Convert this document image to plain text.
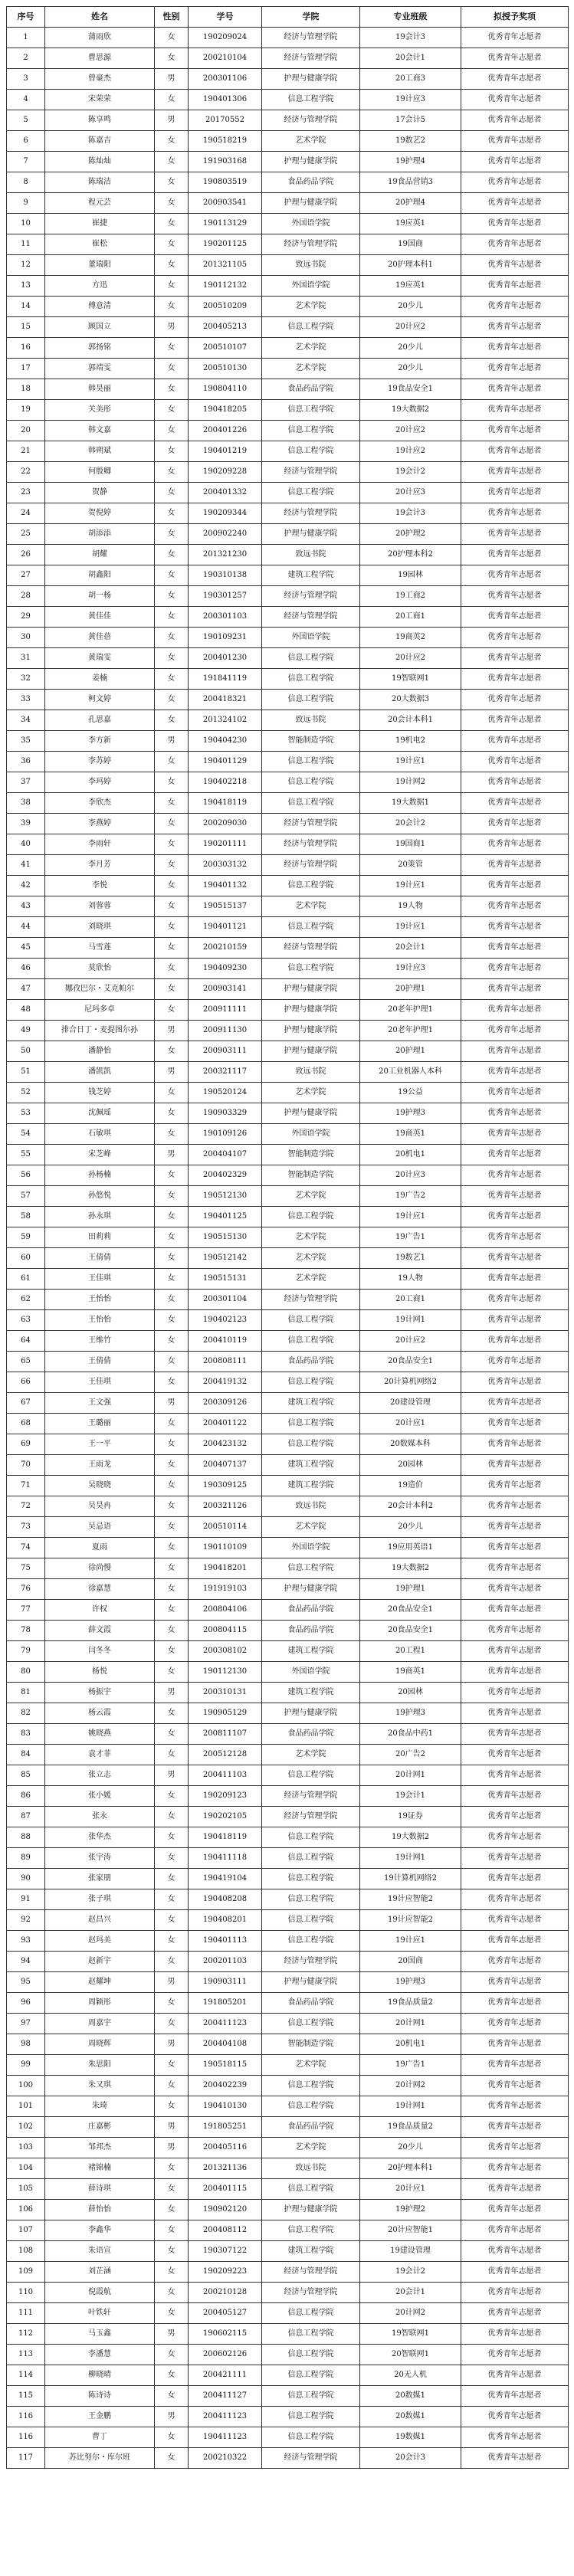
序号	姓名	性别	学号	学院	专业班级	拟授予奖项
1	蒲雨欣	女	190209024	经济与管理学院	19会计3	优秀青年志愿者
2	曹思源	女	200210104	经济与管理学院	20会计1	优秀青年志愿者
3	曾豪杰	男	200301106	护理与健康学院	20工商3	优秀青年志愿者
4	宋荣荣	女	190401306	信息工程学院	19计应3	优秀青年志愿者
5	陈享鸣	男	20170552	经济与管理学院	17会计5	优秀青年志愿者
6	陈嘉吉	女	190518219	艺术学院	19数艺2	优秀青年志愿者
7	陈灿灿	女	191903168	护理与健康学院	19护理4	优秀青年志愿者
8	陈瑞洁	女	190803519	食品药品学院	19食品营销3	优秀青年志愿者
9	程元芸	女	200903541	护理与健康学院	20护理4	优秀青年志愿者
10	崔捷	女	190113129	外国语学院	19应英1	优秀青年志愿者
11	崔松	女	190201125	经济与管理学院	19国商	优秀青年志愿者
12	董瑞阳	女	201321105	致远书院	20护理本科1	优秀青年志愿者
13	方迅	女	190112132	外国语学院	19应英1	优秀青年志愿者
14	傅意清	女	200510209	艺术学院	20少儿	优秀青年志愿者
15	顾国立	男	200405213	信息工程学院	20计应2	优秀青年志愿者
16	郭扬铭	女	200510107	艺术学院	20少儿	优秀青年志愿者
17	郭靖雯	女	200510130	艺术学院	20少儿	优秀青年志愿者
18	韩昊丽	女	190804110	食品药品学院	19食品安全1	优秀青年志愿者
19	关美彤	女	190418205	信息工程学院	19大数据2	优秀青年志愿者
20	韩文嘉	女	200401226	信息工程学院	20计应2	优秀青年志愿者
21	韩朔斌	女	190401219	信息工程学院	19计应2	优秀青年志愿者
22	何殷卿	女	190209228	经济与管理学院	19会计2	优秀青年志愿者
23	贺静	女	200401332	信息工程学院	20计应3	优秀青年志愿者
24	贺倪婷	女	190209344	经济与管理学院	19会计3	优秀青年志愿者
25	胡添添	女	200902240	护理与健康学院	20护理2	优秀青年志愿者
26	胡耀	女	201321230	致远书院	20护理本科2	优秀青年志愿者
27	胡鑫阳	女	190310138	建筑工程学院	19园林	优秀青年志愿者
28	胡一杨	女	190301257	经济与管理学院	19工商2	优秀青年志愿者
29	黄佳佳	女	200301103	经济与管理学院	20工商1	优秀青年志愿者
30	黄佳蓓	女	190109231	外国语学院	19商英2	优秀青年志愿者
31	黄瑞雯	女	200401230	信息工程学院	20计应2	优秀青年志愿者
32	姜楠	女	191841119	信息工程学院	19智联网1	优秀青年志愿者
33	柯文婷	女	200418321	信息工程学院	20大数据3	优秀青年志愿者
34	孔思嘉	女	201324102	致远书院	20会计本科1	优秀青年志愿者
35	李方新	男	190404230	智能制造学院	19机电2	优秀青年志愿者
36	李苏婷	女	190401129	信息工程学院	19计应1	优秀青年志愿者
37	李玛婷	女	190402218	信息工程学院	19计网2	优秀青年志愿者
38	李欣杰	女	190418119	信息工程学院	19大数据1	优秀青年志愿者
39	李燕婷	女	200209030	经济与管理学院	20会计2	优秀青年志愿者
40	李雨轩	女	190201111	经济与管理学院	19国商1	优秀青年志愿者
41	李月芳	女	200303132	经济与管理学院	20策管	优秀青年志愿者
42	李悦	女	190401132	信息工程学院	19计应1	优秀青年志愿者
43	刘蓉蓉	女	190515137	艺术学院	19人物	优秀青年志愿者
44	刘晓琪	女	190401121	信息工程学院	19计应1	优秀青年志愿者
45	马雪莲	女	200210159	经济与管理学院	20会计1	优秀青年志愿者
46	莫欣怡	女	190409230	信息工程学院	19计应3	优秀青年志愿者
47	娜孜巴尔・艾克帕尔	女	200903141	护理与健康学院	20护理1	优秀青年志愿者
48	尼玛多卓	女	200911111	护理与健康学院	20老年护理1	优秀青年志愿者
49	排合日丁・麦提图尔孙	男	200911130	护理与健康学院	20老年护理1	优秀青年志愿者
50	潘静怡	女	200903111	护理与健康学院	20护理1	优秀青年志愿者
51	潘凯凯	男	200321117	致远书院	20工业机器人本科	优秀青年志愿者
52	钱芝婷	女	190520124	艺术学院	19公益	优秀青年志愿者
53	沈佩瑶	女	190903329	护理与健康学院	19护理3	优秀青年志愿者
54	石敏琪	女	190109126	外国语学院	19商英1	优秀青年志愿者
55	宋芝峰	男	200404107	智能制造学院	20机电1	优秀青年志愿者
56	孙杨楠	女	200402329	智能制造学院	20计应3	优秀青年志愿者
57	孙悠悦	女	190512130	艺术学院	19广告2	优秀青年志愿者
58	孙永琪	女	190401125	信息工程学院	19计应1	优秀青年志愿者
59	田莉莉	女	190515130	艺术学院	19广告1	优秀青年志愿者
60	王倩倩	女	190512142	艺术学院	19数艺1	优秀青年志愿者
61	王佳琪	女	190515131	艺术学院	19人物	优秀青年志愿者
62	王怡怡	女	200301104	经济与管理学院	20工商1	优秀青年志愿者
63	王怡怡	女	190402123	信息工程学院	19计网1	优秀青年志愿者
64	王维竹	女	200410119	信息工程学院	20计应2	优秀青年志愿者
65	王倩倩	女	200808111	食品药品学院	20食品安全1	优秀青年志愿者
66	王佳琪	女	200419132	信息工程学院	20计算机网络2	优秀青年志愿者
67	王文强	男	200309126	建筑工程学院	20建设管理	优秀青年志愿者
68	王璐丽	女	200401122	信息工程学院	20计应1	优秀青年志愿者
69	王一平	女	200423132	信息工程学院	20数媒本科	优秀青年志愿者
70	王雨龙	女	200407137	建筑工程学院	20园林	优秀青年志愿者
71	吴晓晓	女	190309125	建筑工程学院	19造价	优秀青年志愿者
72	吴昊冉	女	200321126	致远书院	20会计本科2	优秀青年志愿者
73	吴忌语	女	200510114	艺术学院	20少儿	优秀青年志愿者
74	夏雨	女	190110109	外国语学院	19应用英语1	优秀青年志愿者
75	徐尚慢	女	190418201	信息工程学院	19大数据2	优秀青年志愿者
76	徐嘉慧	女	191919103	护理与健康学院	19护理1	优秀青年志愿者
77	许权	女	200804106	食品药品学院	20食品安全1	优秀青年志愿者
78	薛文霞	女	200804115	食品药品学院	20食品安全1	优秀青年志愿者
79	闫冬冬	女	200308102	建筑工程学院	20工程1	优秀青年志愿者
80	杨悦	女	190112130	外国语学院	19商英1	优秀青年志愿者
81	杨振宇	男	200310131	建筑工程学院	20园林	优秀青年志愿者
82	杨云霞	女	190905129	护理与健康学院	19护理3	优秀青年志愿者
83	姚晓燕	女	200811107	食品药品学院	20食品中药1	优秀青年志愿者
84	袁才菲	女	200512128	艺术学院	20广告2	优秀青年志愿者
85	张立志	男	200411103	信息工程学院	20计网1	优秀青年志愿者
86	张小媛	女	190209123	经济与管理学院	19会计1	优秀青年志愿者
87	张永	女	190202105	经济与管理学院	19证券	优秀青年志愿者
88	张华杰	女	190418119	信息工程学院	19大数据2	优秀青年志愿者
89	张宇涛	女	190411118	信息工程学院	19计网1	优秀青年志愿者
90	张家朋	女	190419104	信息工程学院	19计算机网络2	优秀青年志愿者
91	张子琪	女	190408208	信息工程学院	19计应智能2	优秀青年志愿者
92	赵昌兴	女	190408201	信息工程学院	19计应智能2	优秀青年志愿者
93	赵玛美	女	190401113	信息工程学院	19计应1	优秀青年志愿者
94	赵新宇	女	200201103	经济与管理学院	20国商	优秀青年志愿者
95	赵耀坤	男	190903111	护理与健康学院	19护理3	优秀青年志愿者
96	周颖彤	女	191805201	食品药品学院	19食品质量2	优秀青年志愿者
97	周嘉宇	女	200411123	信息工程学院	20计网1	优秀青年志愿者
98	周晓辉	男	200404108	智能制造学院	20机电1	优秀青年志愿者
99	朱思阳	女	190518115	艺术学院	19广告1	优秀青年志愿者
100	朱又琪	女	200402239	信息工程学院	20计网2	优秀青年志愿者
101	朱琦	女	190410130	信息工程学院	19计网1	优秀青年志愿者
102	庄嘉彬	男	191805251	食品药品学院	19食品质量2	优秀青年志愿者
103	邹邦杰	男	200405116	艺术学院	20少儿	优秀青年志愿者
104	褚锦楠	女	201321136	致远书院	20护理本科1	优秀青年志愿者
105	薛诗琪	女	200401115	信息工程学院	20计应1	优秀青年志愿者
106	薛怡怡	女	190902120	护理与健康学院	19护理2	优秀青年志愿者
107	李鑫华	女	200408112	信息工程学院	20计应智能1	优秀青年志愿者
108	朱语宣	女	190307122	建筑工程学院	19建设管理	优秀青年志愿者
109	刘芷涵	女	190209223	经济与管理学院	19会计2	优秀青年志愿者
110	倪霞航	女	200210128	经济与管理学院	20会计1	优秀青年志愿者
111	叶铁轩	女	200405127	信息工程学院	20计网2	优秀青年志愿者
112	马玉鑫	男	190602115	信息工程学院	19智联网1	优秀青年志愿者
113	李潘慧	女	200602126	信息工程学院	20智联网1	优秀青年志愿者
114	柳晓晴	女	200421111	信息工程学院	20无人机	优秀青年志愿者
115	陈诗诗	女	200411127	信息工程学院	20数媒1	优秀青年志愿者
116	王金鹏	男	200411123	信息工程学院	20数媒1	优秀青年志愿者
116	曹丁	女	190411123	信息工程学院	19数媒1	优秀青年志愿者
117	苏比努尔・库尔班	女	200210322	经济与管理学院	20会计3	优秀青年志愿者
